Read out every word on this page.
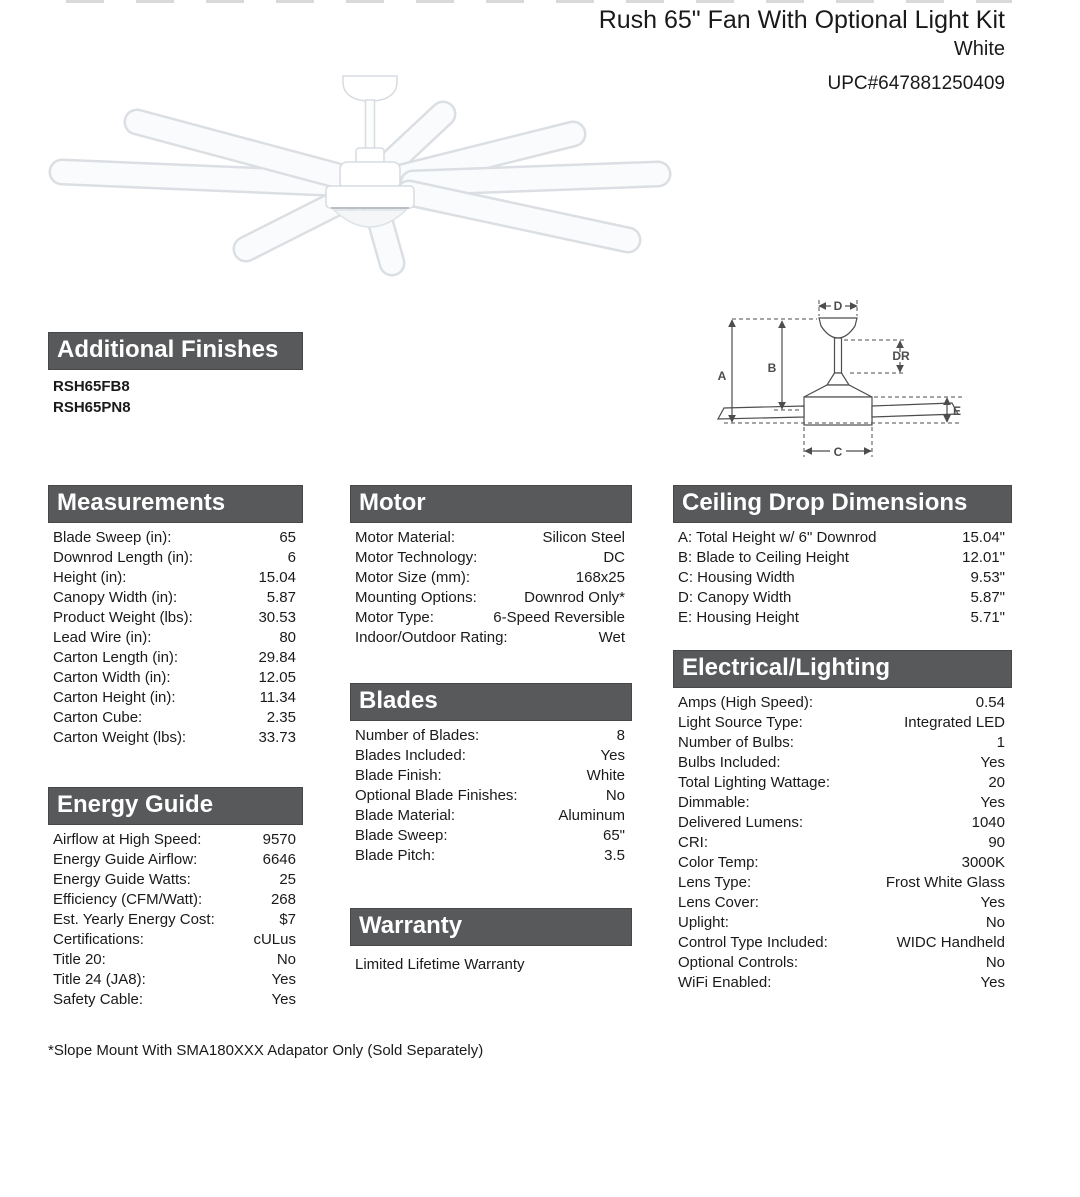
Rush 65" Fan With Optional Light Kit
White
UPC#647881250409
A
B
C
D
E
DR
Additional Finishes
RSH65FB8
RSH65PN8
Measurements
Blade Sweep (in):	65
Downrod Length (in):	6
Height (in):	15.04
Canopy Width (in):	5.87
Product Weight (lbs):	30.53
Lead Wire (in):	80
Carton Length (in):	29.84
Carton Width (in):	12.05
Carton Height (in):	11.34
Carton Cube:	2.35
Carton Weight (lbs):	33.73
Energy Guide
Airflow at High Speed:	9570
Energy Guide Airflow:	6646
Energy Guide Watts:	25
Efficiency (CFM/Watt):	268
Est. Yearly Energy Cost:	$7
Certifications:	cULus
Title 20:	No
Title 24 (JA8):	Yes
Safety Cable:	Yes
Motor
Motor Material:	Silicon Steel
Motor Technology:	DC
Motor Size (mm):	168x25
Mounting Options:	Downrod Only*
Motor Type:	6-Speed Reversible
Indoor/Outdoor Rating:	Wet
Blades
Number of Blades:	8
Blades Included:	Yes
Blade Finish:	White
Optional Blade Finishes:	No
Blade Material:	Aluminum
Blade Sweep:	65"
Blade Pitch:	3.5
Warranty
Limited Lifetime Warranty
Ceiling Drop Dimensions
A: Total Height w/ 6" Downrod	15.04"
B: Blade to Ceiling Height	12.01"
C: Housing Width	9.53"
D: Canopy Width	5.87"
E: Housing Height	5.71"
Electrical/Lighting
Amps (High Speed):	0.54
Light Source Type:	Integrated LED
Number of Bulbs:	1
Bulbs Included:	Yes
Total Lighting Wattage:	20
Dimmable:	Yes
Delivered Lumens:	1040
CRI:	90
Color Temp:	3000K
Lens Type:	Frost White Glass
Lens Cover:	Yes
Uplight:	No
Control Type Included:	WIDC Handheld
Optional Controls:	No
WiFi Enabled:	Yes
*Slope Mount With SMA180XXX Adapator Only (Sold Separately)
